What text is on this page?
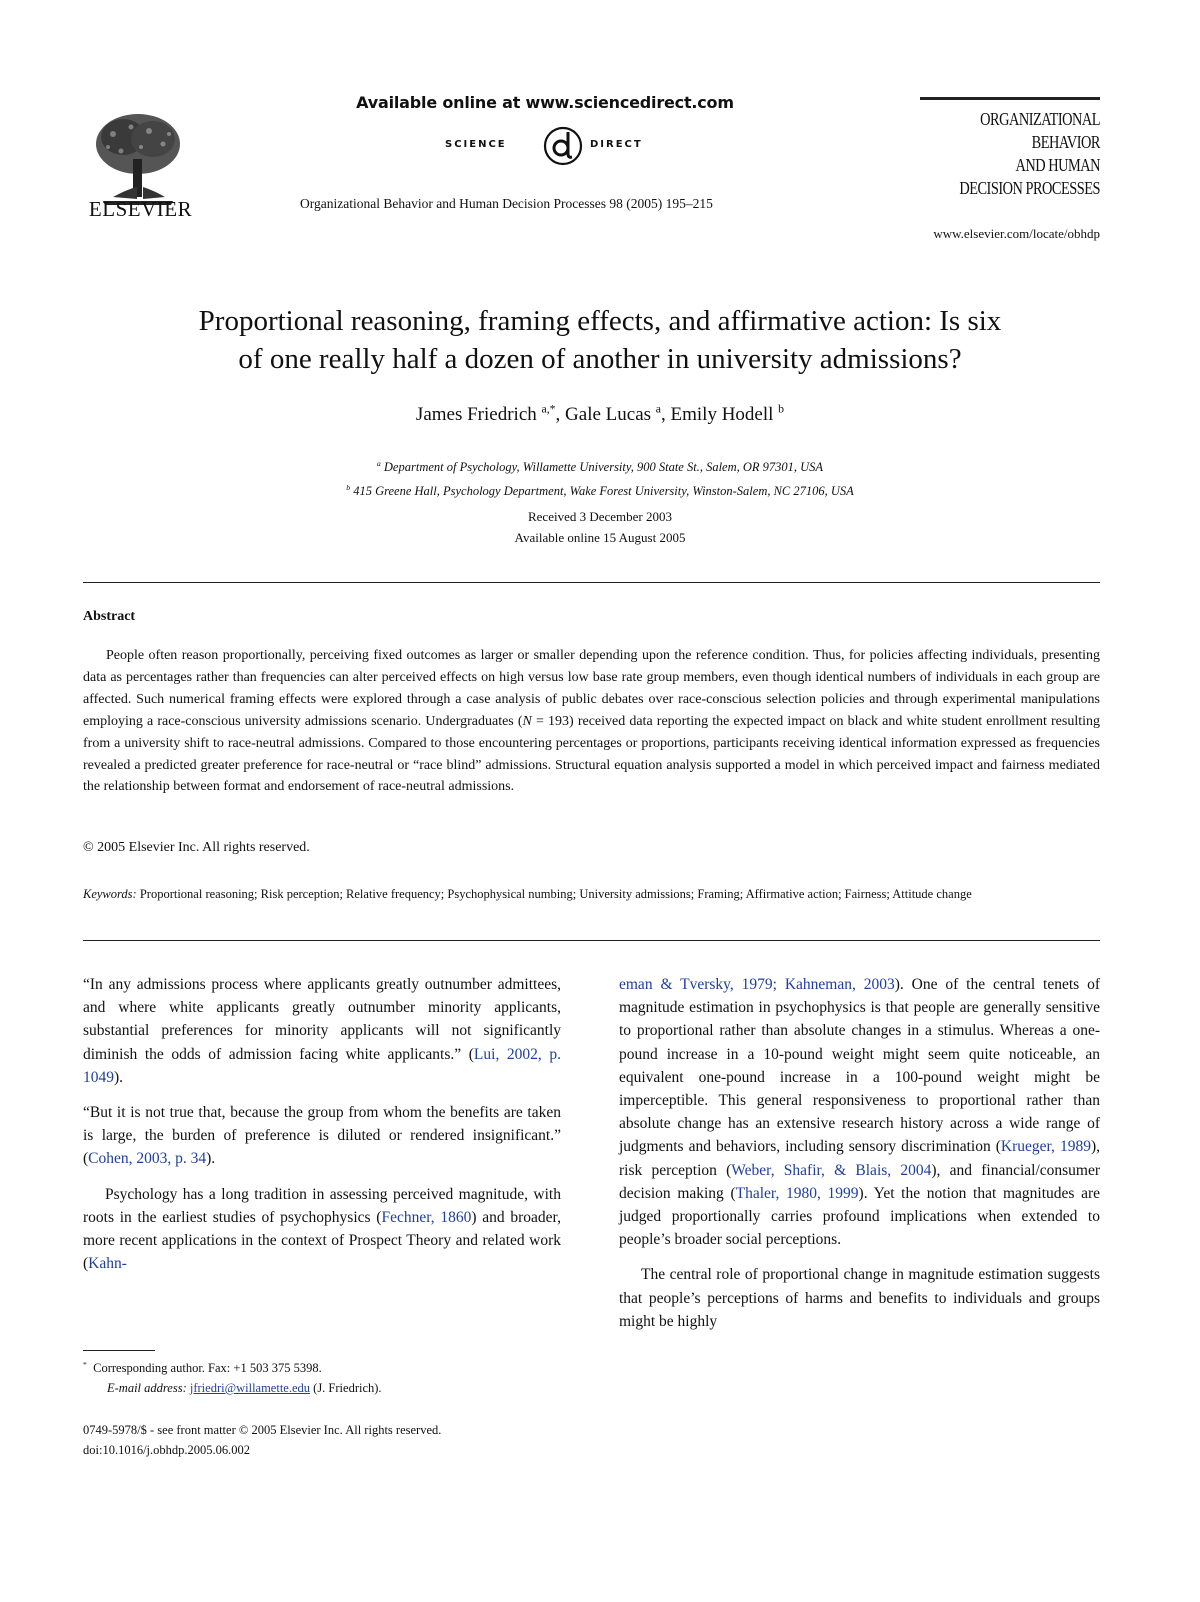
ELSEVIER
Available online at www.sciencedirect.com
SCIENCE	DIRECT
Organizational Behavior and Human Decision Processes 98 (2005) 195–215
ORGANIZATIONAL
BEHAVIOR
AND HUMAN
DECISION PROCESSES
www.elsevier.com/locate/obhdp
Proportional reasoning, framing effects, and affirmative action: Is six
of one really half a dozen of another in university admissions?
James Friedrich $^{a,*}$, Gale Lucas $^a$, Emily Hodell $^b$
$^a$ Department of Psychology, Willamette University, 900 State St., Salem, OR 97301, USA
$^b$ 415 Greene Hall, Psychology Department, Wake Forest University, Winston-Salem, NC 27106, USA
Received 3 December 2003
Available online 15 August 2005
Abstract
People often reason proportionally, perceiving fixed outcomes as larger or smaller depending upon the reference condition. Thus, for policies affecting individuals, presenting data as percentages rather than frequencies can alter perceived effects on high versus low base rate group members, even though identical numbers of individuals in each group are affected. Such numerical framing effects were explored through a case analysis of public debates over race-conscious selection policies and through experimental manipulations employing a race-conscious university admissions scenario. Undergraduates (N = 193) received data reporting the expected impact on black and white student enrollment resulting from a university shift to race-neutral admissions. Compared to those encountering percentages or proportions, participants receiving identical information expressed as frequencies revealed a predicted greater preference for race-neutral or “race blind” admissions. Structural equation analysis supported a model in which perceived impact and fairness mediated the relationship between format and endorsement of race-neutral admissions.
© 2005 Elsevier Inc. All rights reserved.
Keywords: Proportional reasoning; Risk perception; Relative frequency; Psychophysical numbing; University admissions; Framing; Affirmative action; Fairness; Attitude change

“In any admissions process where applicants greatly outnumber admittees, and where white applicants greatly outnumber minority applicants, substantial preferences for minority applicants will not significantly diminish the odds of admission facing white applicants.” (Lui, 2002, p. 1049).

“But it is not true that, because the group from whom the benefits are taken is large, the burden of preference is diluted or rendered insignificant.” (Cohen, 2003, p. 34).

Psychology has a long tradition in assessing perceived magnitude, with roots in the earliest studies of psychophysics (Fechner, 1860) and broader, more recent applications in the context of Prospect Theory and related work (Kahn-

eman & Tversky, 1979; Kahneman, 2003). One of the central tenets of magnitude estimation in psychophysics is that people are generally sensitive to proportional rather than absolute changes in a stimulus. Whereas a one-pound increase in a 10-pound weight might seem quite noticeable, an equivalent one-pound increase in a 100-pound weight might be imperceptible. This general responsiveness to proportional rather than absolute change has an extensive research history across a wide range of judgments and behaviors, including sensory discrimination (Krueger, 1989), risk perception (Weber, Shafir, & Blais, 2004), and financial/consumer decision making (Thaler, 1980, 1999). Yet the notion that magnitudes are judged proportionally carries profound implications when extended to people’s broader social perceptions.

The central role of proportional change in magnitude estimation suggests that people’s perceptions of harms and benefits to individuals and groups might be highly

* Corresponding author. Fax: +1 503 375 5398.
E-mail address: jfriedri@willamette.edu (J. Friedrich).
0749-5978/$ - see front matter © 2005 Elsevier Inc. All rights reserved.
doi:10.1016/j.obhdp.2005.06.002
